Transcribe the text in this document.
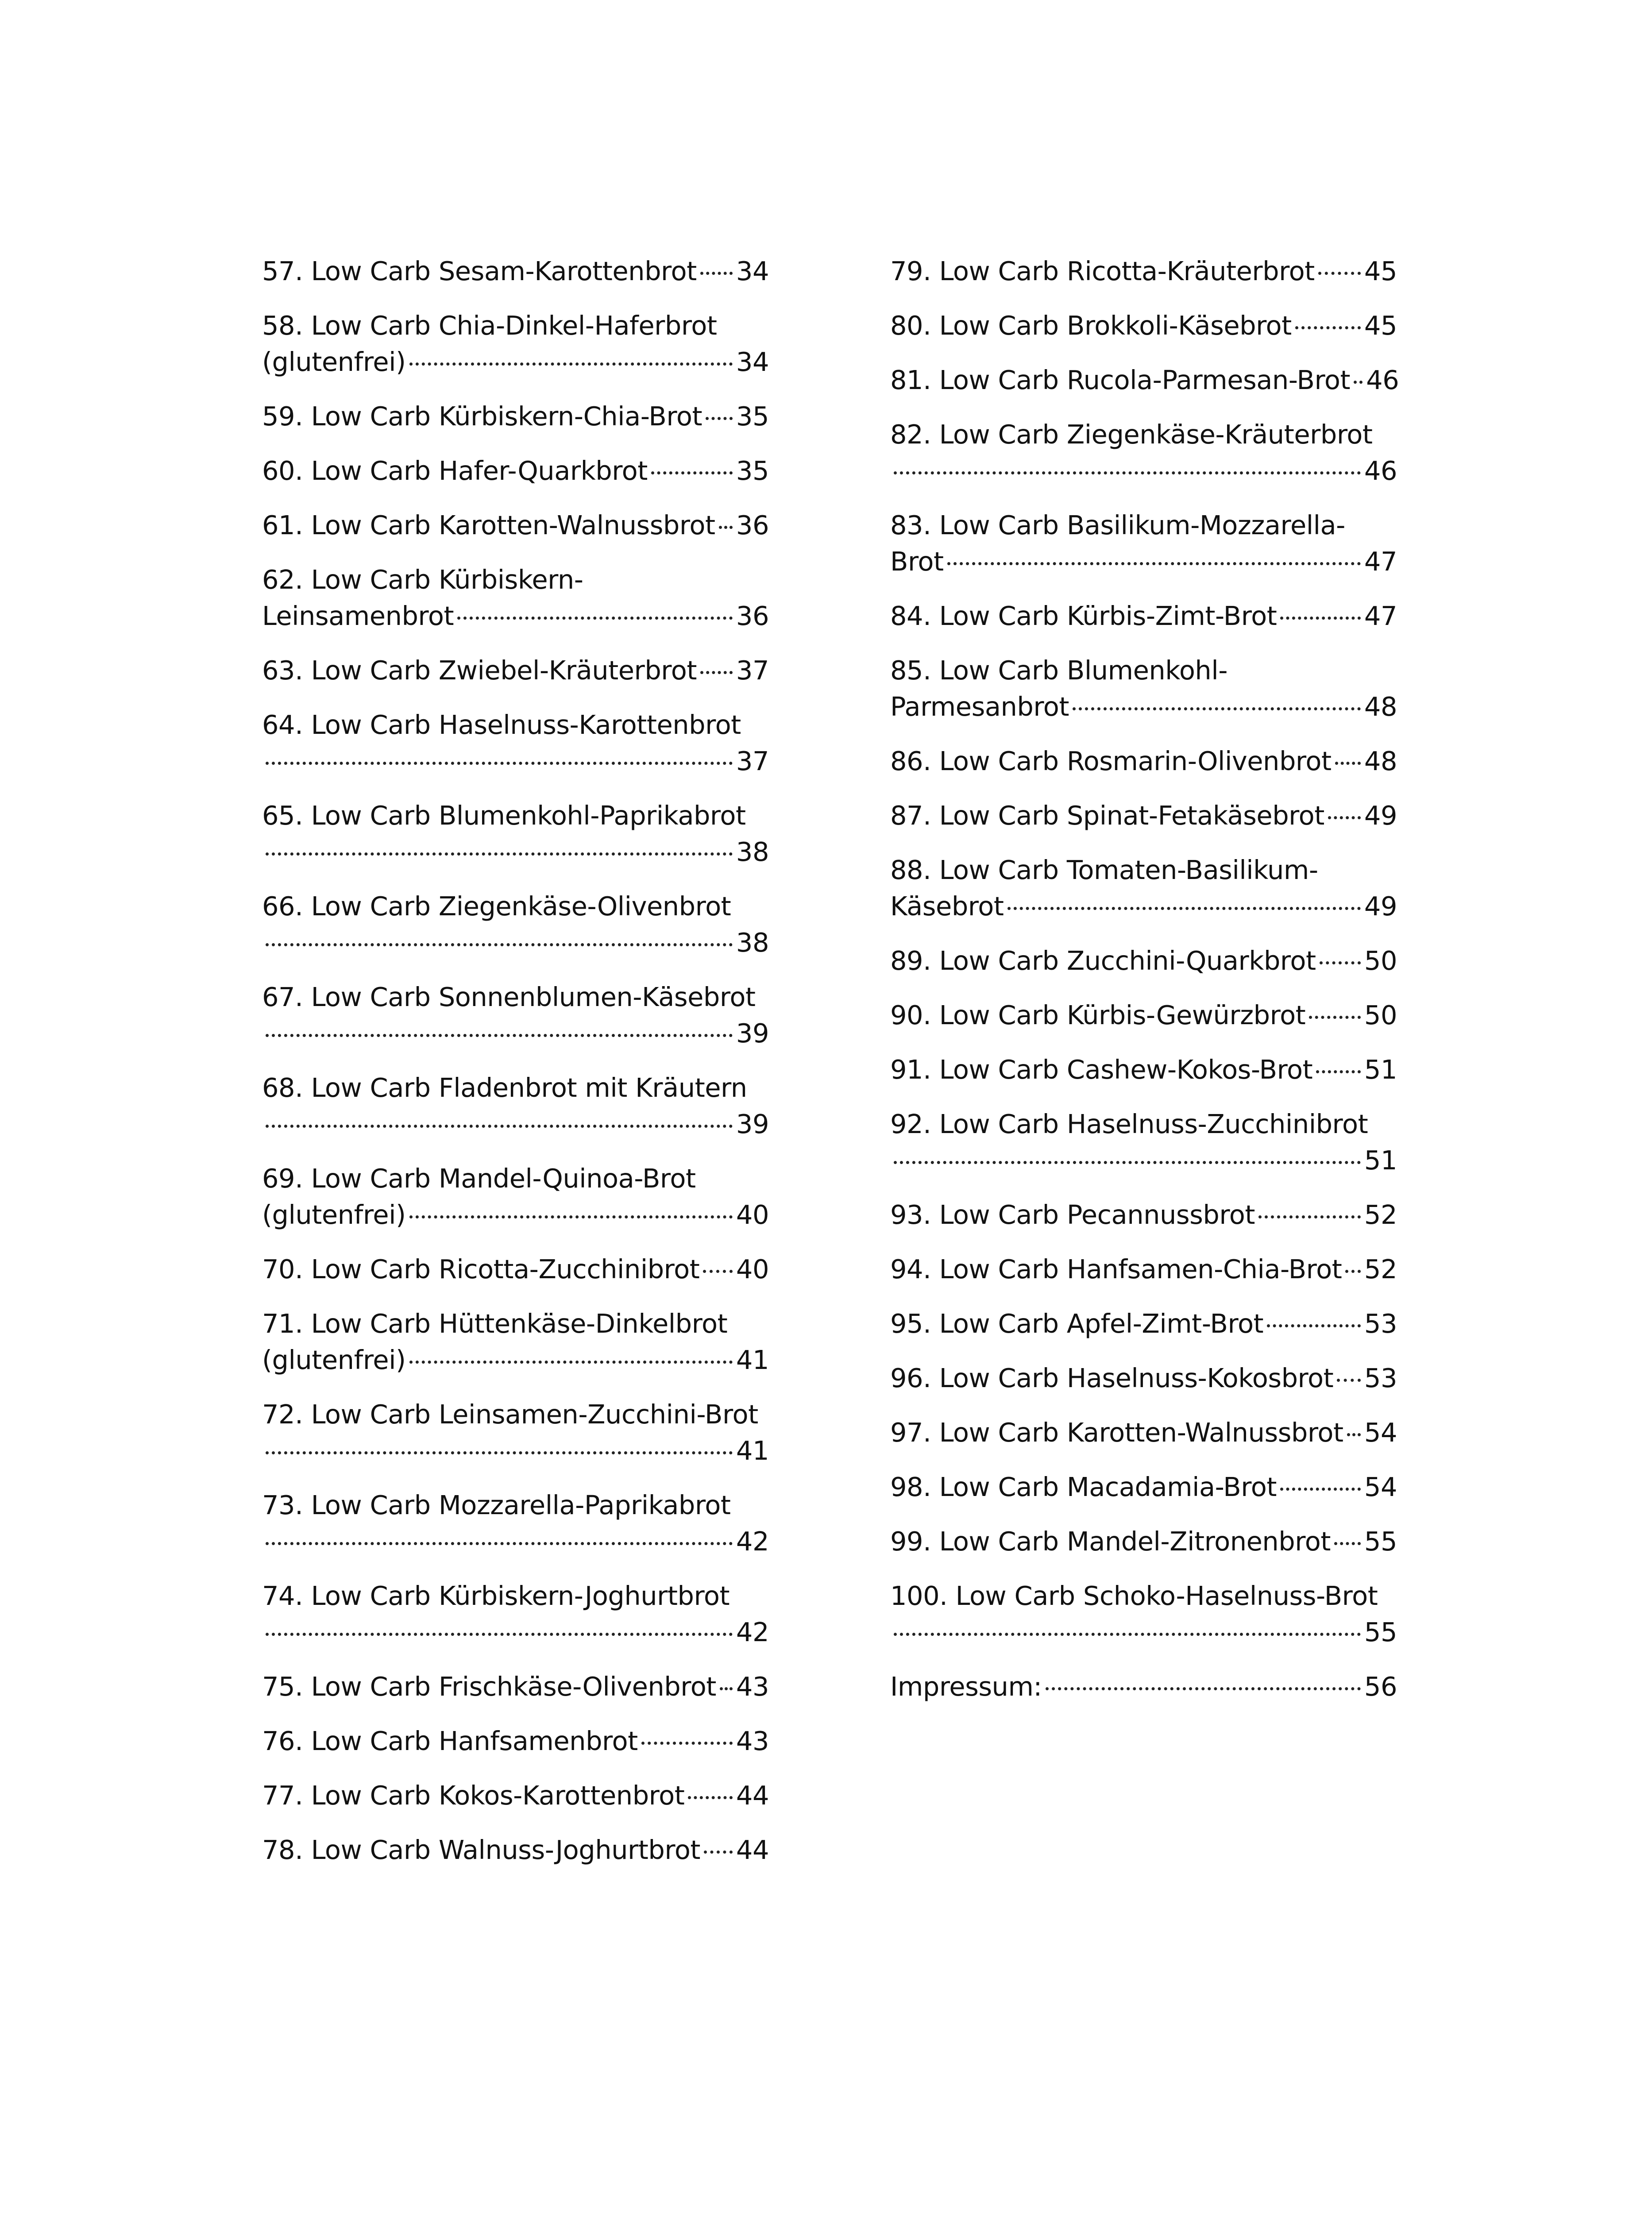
57. Low Carb Sesam-Karottenbrot 34
58. Low Carb Chia-Dinkel-Haferbrot
(glutenfrei)	34
59. Low Carb Kürbiskern-Chia-Brot 35
60. Low Carb Hafer-Quarkbrot	35
61. Low Carb Karotten-Walnussbrot 36
62. Low Carb Kürbiskern-
Leinsamenbrot	36
63. Low Carb Zwiebel-Kräuterbrot 37
64. Low Carb Haselnuss-Karottenbrot
37
65. Low Carb Blumenkohl-Paprikabrot
38
66. Low Carb Ziegenkäse-Olivenbrot
38
67. Low Carb Sonnenblumen-Käsebrot
39
68. Low Carb Fladenbrot mit Kräutern
39
69. Low Carb Mandel-Quinoa-Brot
(glutenfrei)	40
70. Low Carb Ricotta-Zucchinibrot 40
71. Low Carb Hüttenkäse-Dinkelbrot
(glutenfrei)	41
72. Low Carb Leinsamen-Zucchini-Brot
41
73. Low Carb Mozzarella-Paprikabrot
42
74. Low Carb Kürbiskern-Joghurtbrot
42
75. Low Carb Frischkäse-Olivenbrot 43
76. Low Carb Hanfsamenbrot	43
77. Low Carb Kokos-Karottenbrot 44
78. Low Carb Walnuss-Joghurtbrot 44
79. Low Carb Ricotta-Kräuterbrot 45
80. Low Carb Brokkoli-Käsebrot	45
81. Low Carb Rucola-Parmesan-Brot 46
82. Low Carb Ziegenkäse-Kräuterbrot
46
83. Low Carb Basilikum-Mozzarella-
Brot	47
84. Low Carb Kürbis-Zimt-Brot	47
85. Low Carb Blumenkohl-
Parmesanbrot	48
86. Low Carb Rosmarin-Olivenbrot 48
87. Low Carb Spinat-Fetakäsebrot 49
88. Low Carb Tomaten-Basilikum-
Käsebrot	49
89. Low Carb Zucchini-Quarkbrot 50
90. Low Carb Kürbis-Gewürzbrot 50
91. Low Carb Cashew-Kokos-Brot 51
92. Low Carb Haselnuss-Zucchinibrot
51
93. Low Carb Pecannussbrot	52
94. Low Carb Hanfsamen-Chia-Brot 52
95. Low Carb Apfel-Zimt-Brot	53
96. Low Carb Haselnuss-Kokosbrot 53
97. Low Carb Karotten-Walnussbrot 54
98. Low Carb Macadamia-Brot	54
99. Low Carb Mandel-Zitronenbrot 55
100. Low Carb Schoko-Haselnuss-Brot
55
Impressum:	56
